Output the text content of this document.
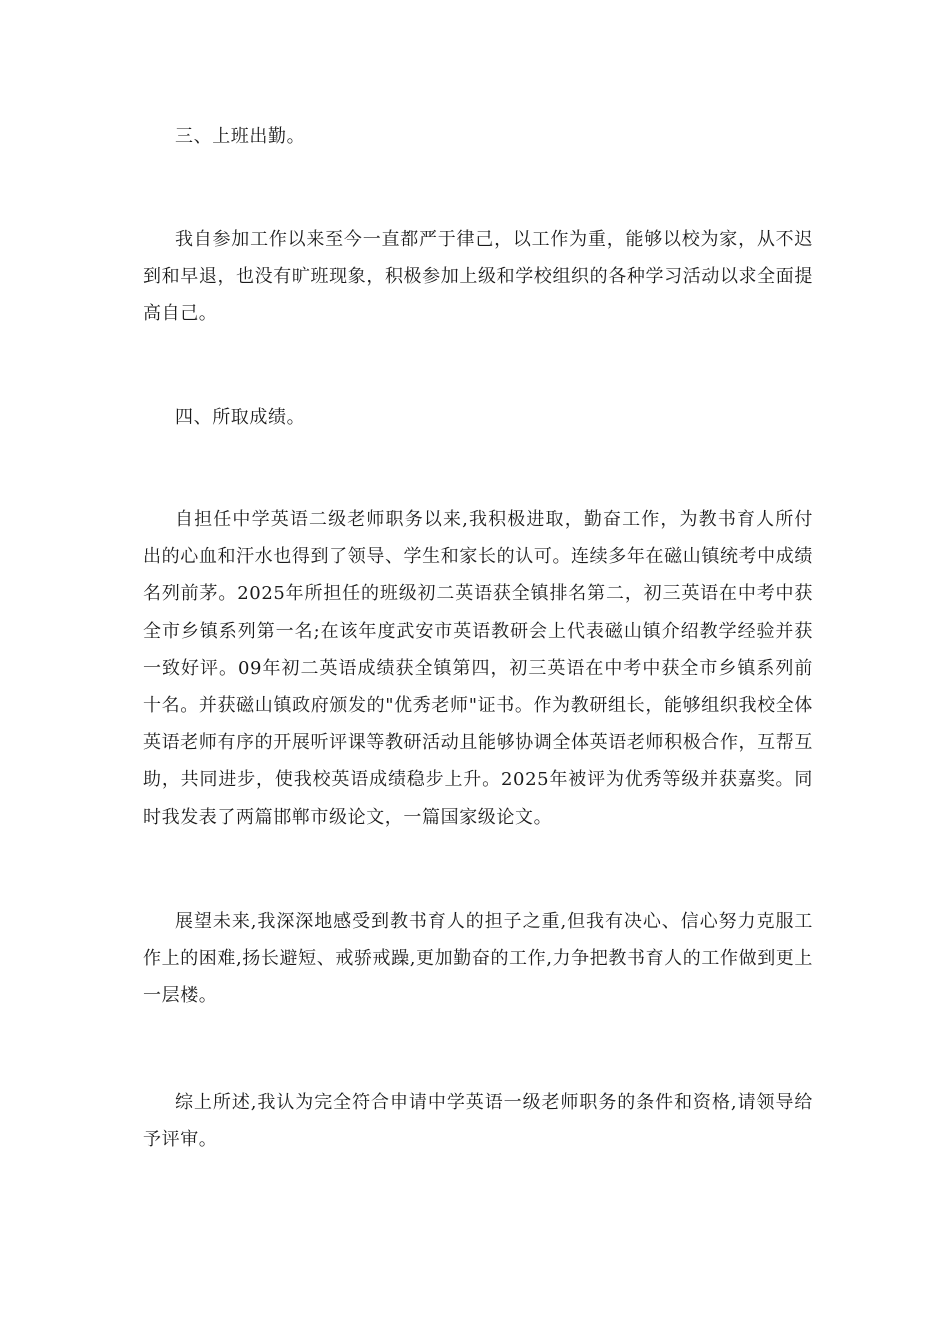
三、上班出勤。

我自参加工作以来至今一直都严于律己，以工作为重，能够以校为家，从不迟到和早退，也没有旷班现象，积极参加上级和学校组织的各种学习活动以求全面提高自己。

四、所取成绩。

自担任中学英语二级老师职务以来,我积极进取，勤奋工作，为教书育人所付出的心血和汗水也得到了领导、学生和家长的认可。连续多年在磁山镇统考中成绩名列前茅。2025年所担任的班级初二英语获全镇排名第二，初三英语在中考中获全市乡镇系列第一名;在该年度武安市英语教研会上代表磁山镇介绍教学经验并获一致好评。09年初二英语成绩获全镇第四，初三英语在中考中获全市乡镇系列前十名。并获磁山镇政府颁发的"优秀老师"证书。作为教研组长，能够组织我校全体英语老师有序的开展听评课等教研活动且能够协调全体英语老师积极合作，互帮互助，共同进步，使我校英语成绩稳步上升。2025年被评为优秀等级并获嘉奖。同时我发表了两篇邯郸市级论文，一篇国家级论文。

展望未来,我深深地感受到教书育人的担子之重,但我有决心、信心努力克服工作上的困难,扬长避短、戒骄戒躁,更加勤奋的工作,力争把教书育人的工作做到更上一层楼。

综上所述,我认为完全符合申请中学英语一级老师职务的条件和资格,请领导给予评审。
